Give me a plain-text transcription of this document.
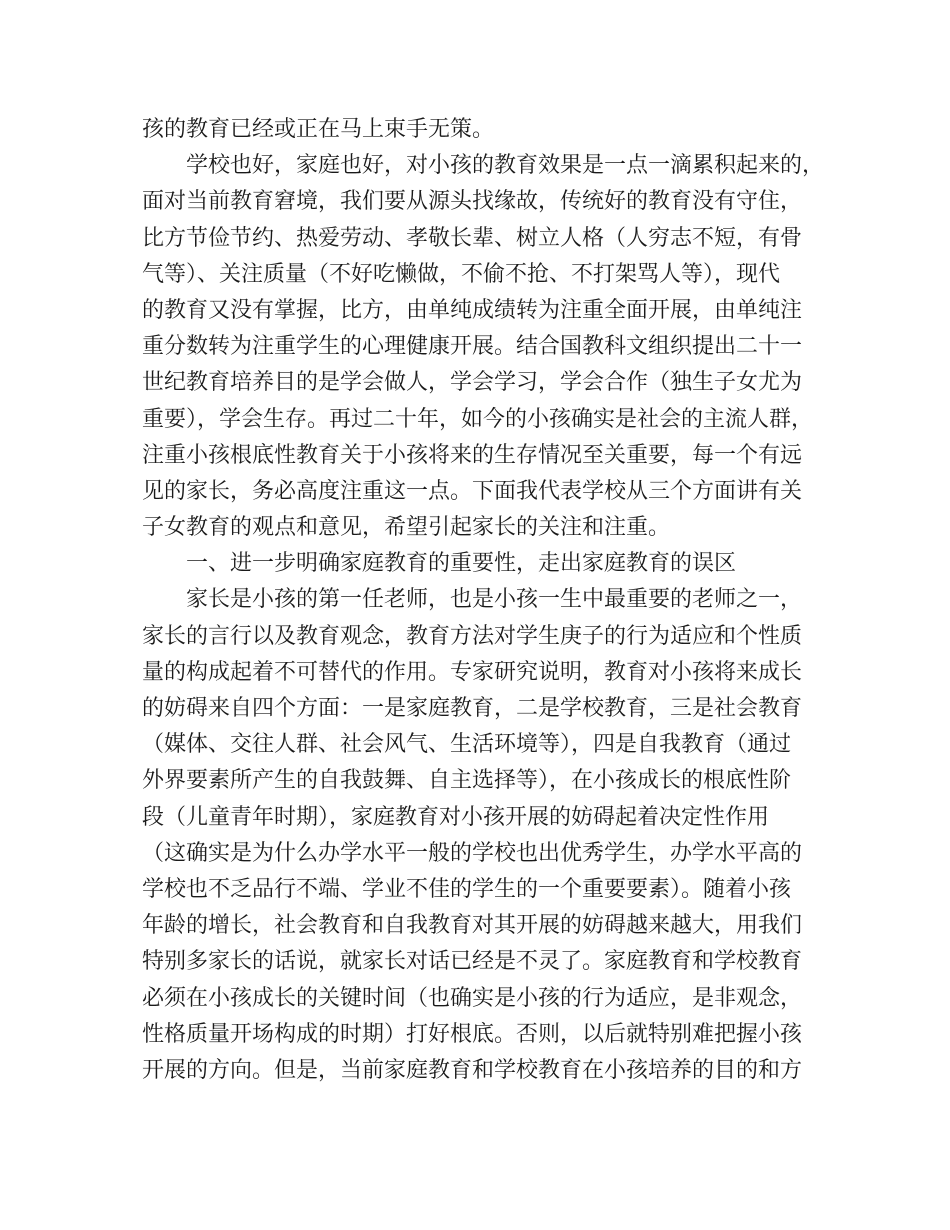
孩的教育已经或正在马上束手无策。
学校也好，家庭也好，对小孩的教育效果是一点一滴累积起来的，
面对当前教育窘境，我们要从源头找缘故，传统好的教育没有守住，
比方节俭节约、热爱劳动、孝敬长辈、树立人格（人穷志不短，有骨
气等）、关注质量（不好吃懒做，不偷不抢、不打架骂人等），现代
的教育又没有掌握，比方，由单纯成绩转为注重全面开展，由单纯注
重分数转为注重学生的心理健康开展。结合国教科文组织提出二十一
世纪教育培养目的是学会做人，学会学习，学会合作（独生子女尤为
重要），学会生存。再过二十年，如今的小孩确实是社会的主流人群，
注重小孩根底性教育关于小孩将来的生存情况至关重要，每一个有远
见的家长，务必高度注重这一点。下面我代表学校从三个方面讲有关
子女教育的观点和意见，希望引起家长的关注和注重。
一、进一步明确家庭教育的重要性，走出家庭教育的误区
家长是小孩的第一任老师，也是小孩一生中最重要的老师之一，
家长的言行以及教育观念，教育方法对学生庚子的行为适应和个性质
量的构成起着不可替代的作用。专家研究说明，教育对小孩将来成长
的妨碍来自四个方面：一是家庭教育，二是学校教育，三是社会教育
（媒体、交往人群、社会风气、生活环境等），四是自我教育（通过
外界要素所产生的自我鼓舞、自主选择等），在小孩成长的根底性阶
段（儿童青年时期），家庭教育对小孩开展的妨碍起着决定性作用
（这确实是为什么办学水平一般的学校也出优秀学生，办学水平高的
学校也不乏品行不端、学业不佳的学生的一个重要要素）。随着小孩
年龄的增长，社会教育和自我教育对其开展的妨碍越来越大，用我们
特别多家长的话说，就家长对话已经是不灵了。家庭教育和学校教育
必须在小孩成长的关键时间（也确实是小孩的行为适应，是非观念，
性格质量开场构成的时期）打好根底。否则，以后就特别难把握小孩
开展的方向。但是，当前家庭教育和学校教育在小孩培养的目的和方
